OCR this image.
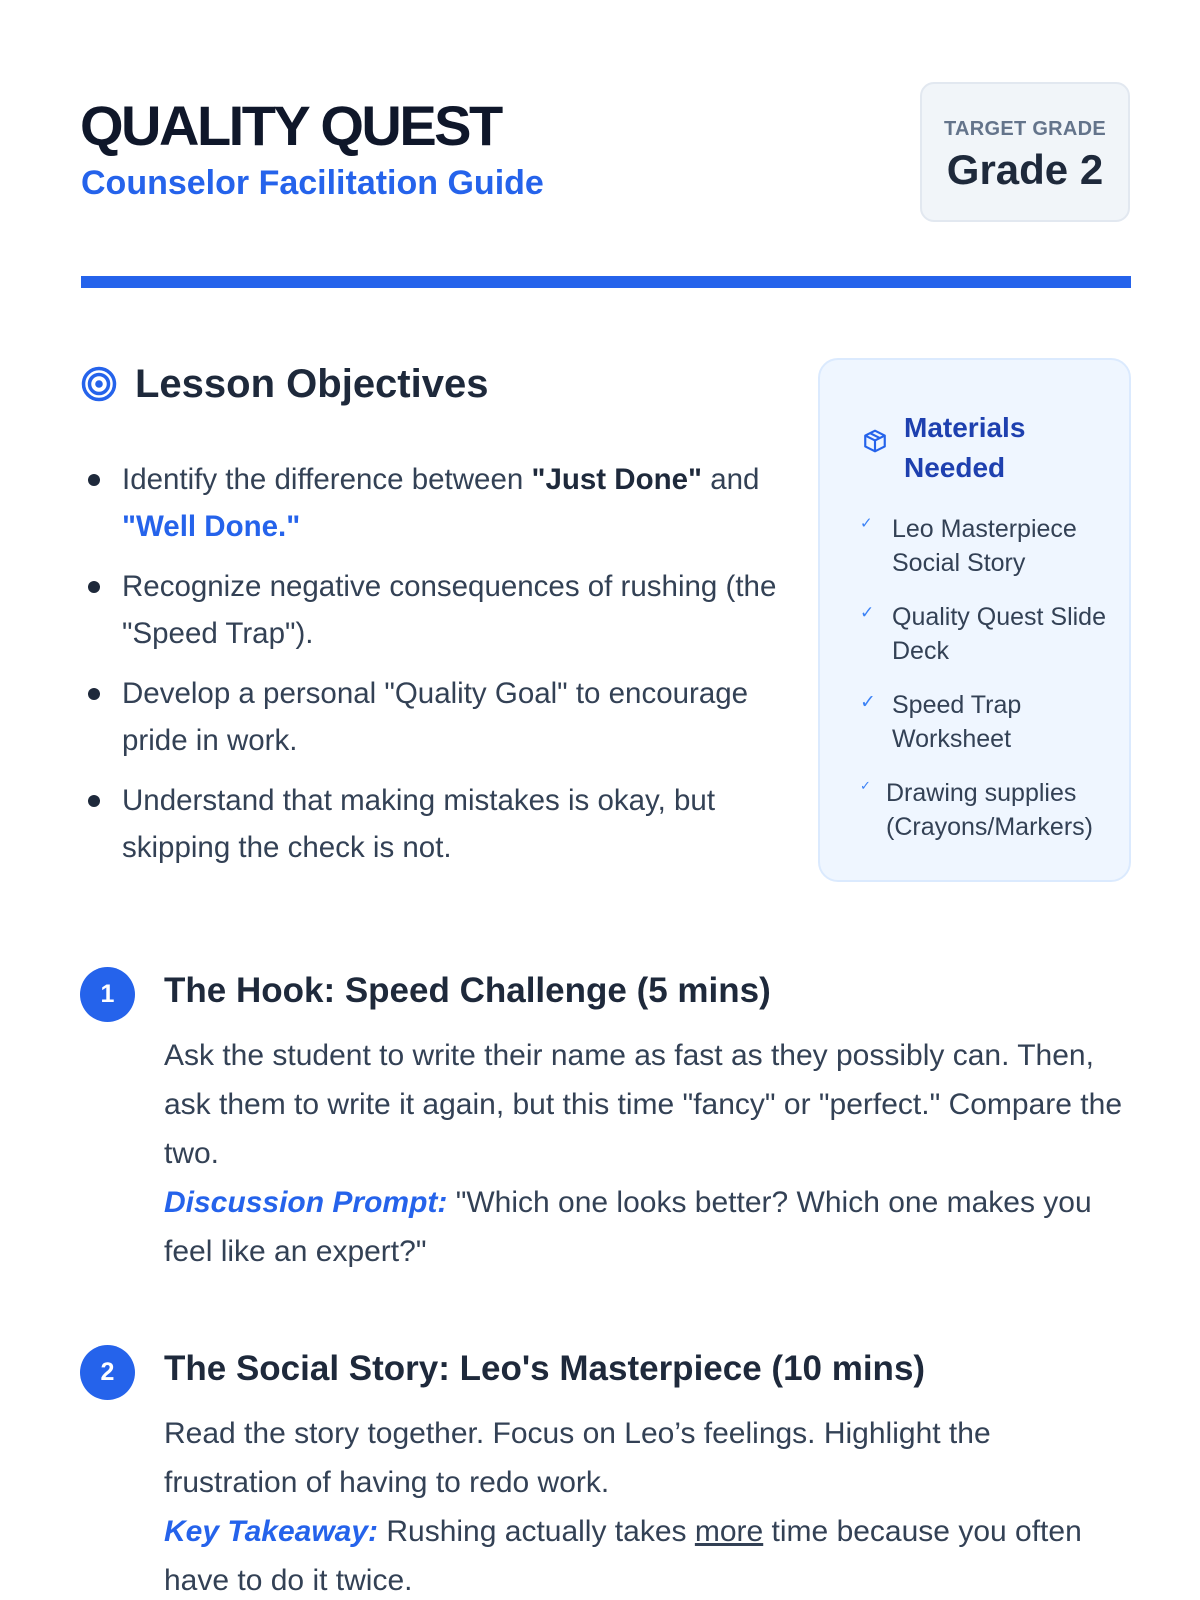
QUALITY QUEST
Counselor Facilitation Guide
TARGET GRADE
Grade 2
Lesson Objectives
Identify the difference between "Just Done" and "Well Done."
Recognize negative consequences of rushing (the "Speed Trap").
Develop a personal "Quality Goal" to encourage pride in work.
Understand that making mistakes is okay, but skipping the check is not.
Materials Needed
✓ Leo Masterpiece Social Story
✓ Quality Quest Slide Deck
✓ Speed Trap Worksheet
✓ Drawing supplies (Crayons/Markers)
1	The Hook: Speed Challenge (5 mins)
Ask the student to write their name as fast as they possibly can. Then, ask them to write it again, but this time "fancy" or "perfect." Compare the two.
Discussion Prompt: "Which one looks better? Which one makes you feel like an expert?"
2	The Social Story: Leo's Masterpiece (10 mins)
Read the story together. Focus on Leo’s feelings. Highlight the frustration of having to redo work.
Key Takeaway: Rushing actually takes more time because you often have to do it twice.
